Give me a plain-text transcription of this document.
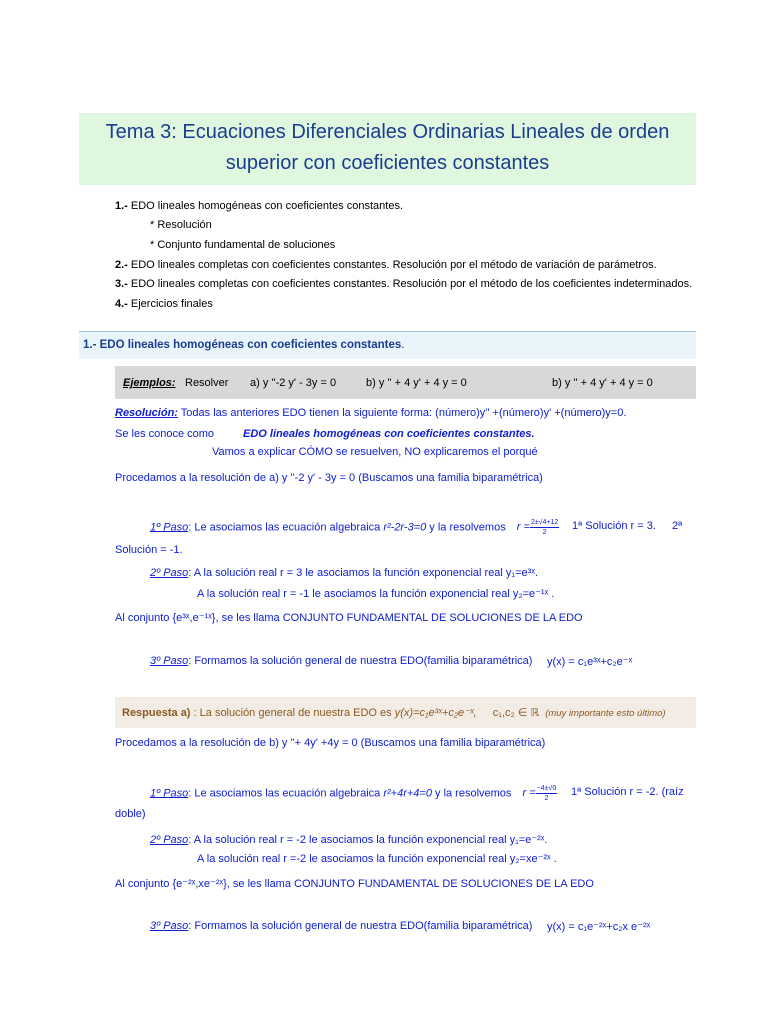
Tema 3: Ecuaciones Diferenciales Ordinarias Lineales de orden
superior con coeficientes constantes
1.- EDO lineales homogéneas con coeficientes constantes.
* Resolución
* Conjunto fundamental de soluciones
2.- EDO lineales completas con coeficientes constantes. Resolución por el método de variación de parámetros.
3.- EDO lineales completas con coeficientes constantes. Resolución por el método de los coeficientes indeterminados.
4.- Ejercicios finales
1.- EDO lineales homogéneas con coeficientes constantes.
Ejemplos: Resolver a) y ''-2 y' - 3y = 0	b) y '' + 4 y' + 4 y = 0	b) y '' + 4 y' + 4 y = 0
Resolución: Todas las anteriores EDO tienen la siguiente forma: (número)y'' +(número)y' +(número)y=0.
Se les conoce como	EDO lineales homogéneas con coeficientes constantes.
Vamos a explicar CÓMO se resuelven, NO explicaremos el porqué
Procedamos a la resolución de a) y ''-2 y' - 3y = 0 (Buscamos una familia biparamétrica)
1º Paso: Le asociamos las ecuación algebraica r²-2r-3=0 y la resolvemos $r = \frac{2\pm√4+12}{2}$ 1ª Solución r = 3. 2ª
Solución = -1.
2º Paso: A la solución real r = 3 le asociamos la función exponencial real y₁=e³ˣ.
A la solución real r = -1 le asociamos la función exponencial real y₂=e⁻¹ˣ .
Al conjunto {e³ˣ,e⁻¹ˣ}, se les llama CONJUNTO FUNDAMENTAL DE SOLUCIONES DE LA EDO
3º Paso: Formamos la solución general de nuestra EDO(familia biparamétrica) y(x) = c₁e³ˣ+c₂e⁻ˣ
Respuesta a) : La solución general de nuestra EDO es y(x)=c₁e³ˣ+c₂e⁻ˣ, c₁,c₂ ∈ ℝ (muy importante esto último)
Procedamos a la resolución de b) y ''+ 4y' +4y = 0 (Buscamos una familia biparamétrica)
1º Paso: Le asociamos las ecuación algebraica r²+4r+4=0 y la resolvemos $r = \frac{-4\pm√0}{2}$ 1ª Solución r = -2. (raíz
doble)
2º Paso: A la solución real r = -2 le asociamos la función exponencial real y₁=e⁻²ˣ.
A la solución real r =-2 le asociamos la función exponencial real y₂=xe⁻²ˣ .
Al conjunto {e⁻²ˣ,xe⁻²ˣ}, se les llama CONJUNTO FUNDAMENTAL DE SOLUCIONES DE LA EDO
3º Paso: Formamos la solución general de nuestra EDO(familia biparamétrica) y(x) = c₁e⁻²ˣ+c₂x e⁻²ˣ
